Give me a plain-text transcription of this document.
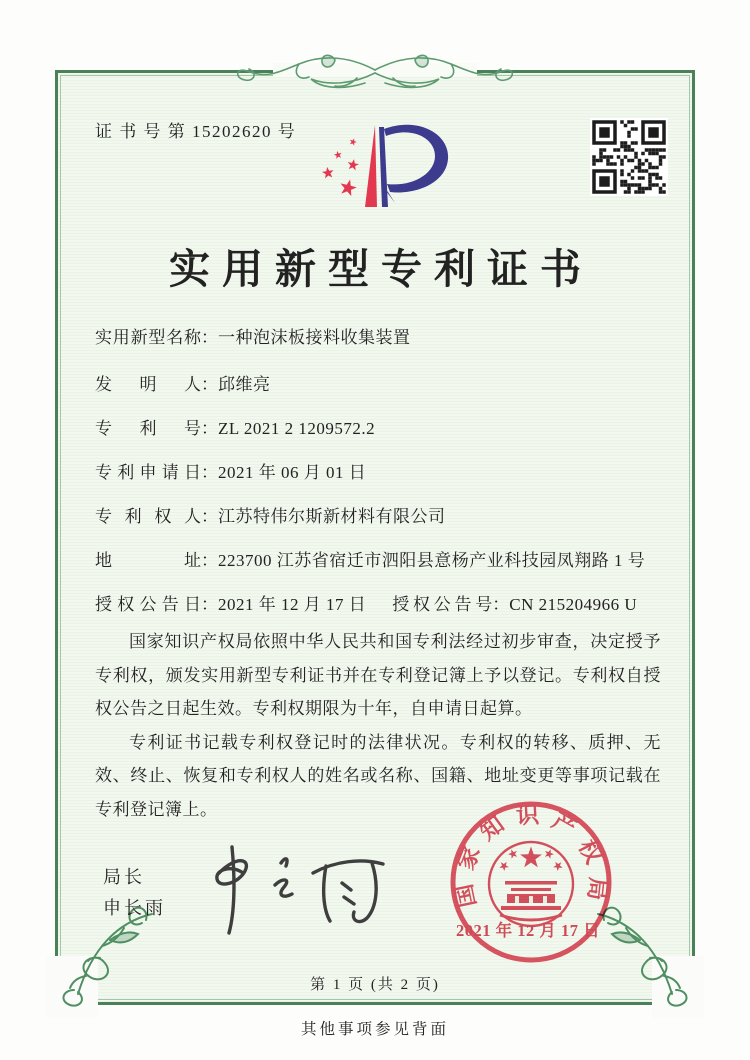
证 书 号 第 15202620 号
实用新型专利证书
实用新型名称：一种泡沫板接料收集装置
发明人：邱维亮
专利号：ZL 2021 2 1209572.2
专利申请日：2021 年 06 月 01 日
专利权人：江苏特伟尔斯新材料有限公司
地址：223700 江苏省宿迁市泗阳县意杨产业科技园凤翔路 1 号
授权公告日：2021 年 12 月 17 日 授权公告号：CN 215204966 U

国家知识产权局依照中华人民共和国专利法经过初步审查，决定授予专利权，颁发实用新型专利证书并在专利登记簿上予以登记。专利权自授权公告之日起生效。专利权期限为十年，自申请日起算。

专利证书记载专利权登记时的法律状况。专利权的转移、质押、无效、终止、恢复和专利权人的姓名或名称、国籍、地址变更等事项记载在专利登记簿上。

局长
申长雨	国家知识产权局
2021 年 12 月 17 日
第 1 页 (共 2 页)
其他事项参见背面
